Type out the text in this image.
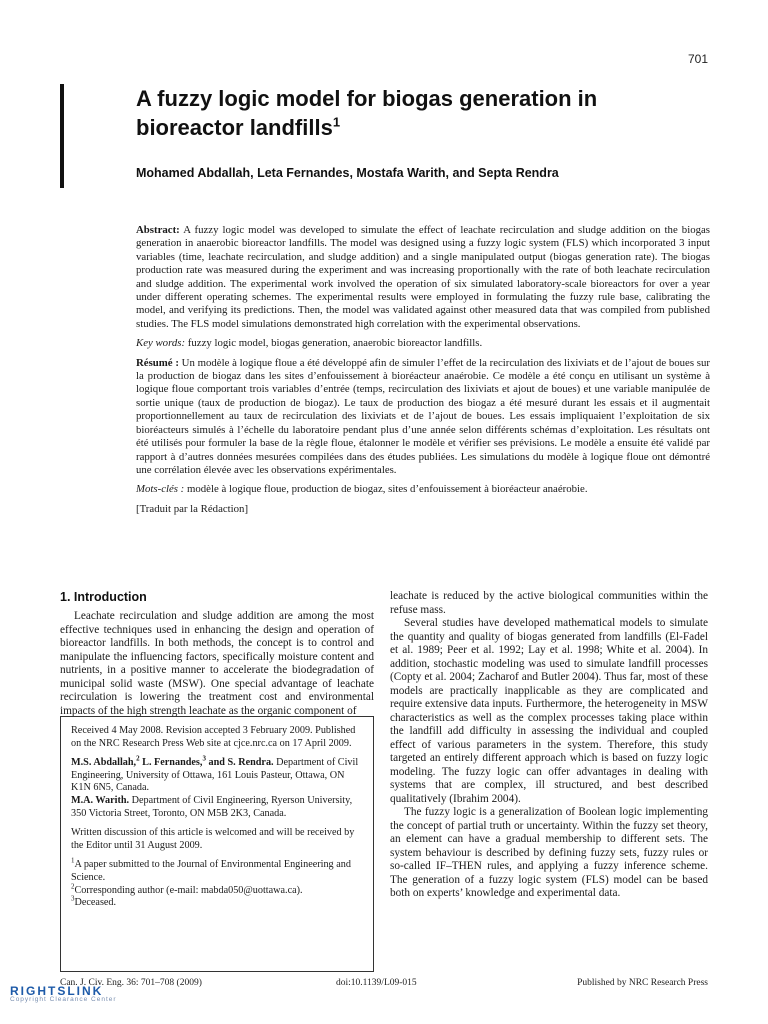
701
A fuzzy logic model for biogas generation in bioreactor landfills$^1$
Mohamed Abdallah, Leta Fernandes, Mostafa Warith, and Septa Rendra

Abstract: A fuzzy logic model was developed to simulate the effect of leachate recirculation and sludge addition on the biogas generation in anaerobic bioreactor landfills. The model was designed using a fuzzy logic system (FLS) which incorporated 3 input variables (time, leachate recirculation, and sludge addition) and a single manipulated output (biogas generation rate). The biogas production rate was measured during the experiment and was increasing proportionally with the rate of both leachate recirculation and sludge addition. The experimental work involved the operation of six simulated laboratory-scale bioreactors for over a year under different operating schemes. The experimental results were employed in formulating the fuzzy rule base, calibrating the model, and verifying its predictions. Then, the model was validated against other measured data that was compiled from published studies. The FLS model simulations demonstrated high correlation with the experimental observations.

Key words: fuzzy logic model, biogas generation, anaerobic bioreactor landfills.

Résumé : Un modèle à logique floue a été développé afin de simuler l’effet de la recirculation des lixiviats et de l’ajout de boues sur la production de biogaz dans les sites d’enfouissement à bioréacteur anaérobie. Ce modèle a été conçu en utilisant un système à logique floue comportant trois variables d’entrée (temps, recirculation des lixiviats et ajout de boues) et une variable manipulée de sortie unique (taux de production de biogaz). Le taux de production des biogaz a été mesuré durant les essais et il augmentait proportionnellement au taux de recirculation des lixiviats et de l’ajout de boues. Les essais impliquaient l’exploitation de six bioréacteurs simulés à l’échelle du laboratoire pendant plus d’une année selon différents schémas d’exploitation. Les résultats ont été utilisés pour formuler la base de la règle floue, étalonner le modèle et vérifier ses prévisions. Le modèle a ensuite été validé par rapport à d’autres données mesurées compilées dans des études publiées. Les simulations du modèle à logique floue ont démontré une corrélation élevée avec les observations expérimentales.

Mots-clés : modèle à logique floue, production de biogaz, sites d’enfouissement à bioréacteur anaérobie.

[Traduit par la Rédaction]

1. Introduction

Leachate recirculation and sludge addition are among the most effective techniques used in enhancing the design and operation of bioreactor landfills. In both methods, the concept is to control and manipulate the influencing factors, specifically moisture content and nutrients, in a positive manner to accelerate the biodegradation of municipal solid waste (MSW). One special advantage of leachate recirculation is lowering the treatment cost and environmental impacts of the high strength leachate as the organic component of

Received 4 May 2008. Revision accepted 3 February 2009. Published on the NRC Research Press Web site at cjce.nrc.ca on 17 April 2009.

M.S. Abdallah,$^2$ L. Fernandes,$^3$ and S. Rendra. Department of Civil Engineering, University of Ottawa, 161 Louis Pasteur, Ottawa, ON K1N 6N5, Canada.

M.A. Warith. Department of Civil Engineering, Ryerson University, 350 Victoria Street, Toronto, ON M5B 2K3, Canada.

Written discussion of this article is welcomed and will be received by the Editor until 31 August 2009.

$^1$A paper submitted to the Journal of Environmental Engineering and Science.

$^2$Corresponding author (e-mail: mabda050@uottawa.ca).

$^3$Deceased.

leachate is reduced by the active biological communities within the refuse mass.

Several studies have developed mathematical models to simulate the quantity and quality of biogas generated from landfills (El-Fadel et al. 1989; Peer et al. 1992; Lay et al. 1998; White et al. 2004). In addition, stochastic modeling was used to simulate landfill processes (Copty et al. 2004; Zacharof and Butler 2004). Thus far, most of these models are practically inapplicable as they are complicated and require extensive data inputs. Furthermore, the heterogeneity in MSW characteristics as well as the complex processes taking place within the landfill add difficulty in assessing the individual and coupled effect of various parameters in the system. Therefore, this study targeted an entirely different approach which is based on fuzzy logic modeling. The fuzzy logic can offer advantages in dealing with systems that are complex, ill structured, and best described qualitatively (Ibrahim 2004).

The fuzzy logic is a generalization of Boolean logic implementing the concept of partial truth or uncertainty. Within the fuzzy set theory, an element can have a gradual membership to different sets. The system behaviour is described by defining fuzzy sets, fuzzy rules or so-called IF–THEN rules, and applying a fuzzy inference scheme. The generation of a fuzzy logic system (FLS) model can be based both on experts’ knowledge and experimental data.

Can. J. Civ. Eng. 36: 701–708 (2009)	doi:10.1139/L09-015	Published by NRC Research Press
RIGHTSLINK
Copyright Clearance Center
